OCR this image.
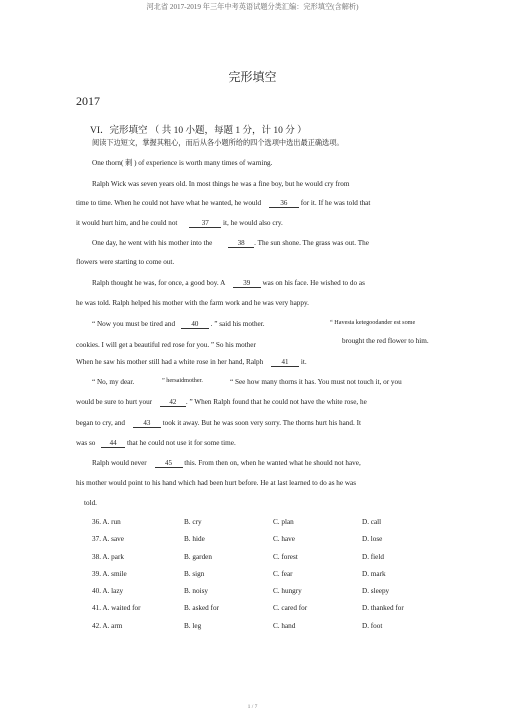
河北省 2017-2019 年三年中考英语试题分类汇编：完形填空(含解析)
完形填空
2017
VI．完形填空 （ 共 10 小题，每题 1 分，计 10 分 ）
阅读下边短文，掌握其粗心，而后从各小题所给的四个选项中选出最正确选项。
One thorn( 刺 ) of experience is worth many times of warning.
Ralph Wick was seven years old. In most things he was a fine boy, but he would cry from
time to time. When he could not have what he wanted, he would	36 for it. If he was told that
it would hurt him, and he could not	37 it, he would also cry.
One day, he went with his mother into the	38 . The sun shone. The grass was out. The
flowers were starting to come out.
Ralph thought he was, for once, a good boy. A	39 was on his face. He wished to do as
he was told. Ralph helped his mother with the farm work and he was very happy.
“ Now you must be tired and 40 . ” said his mother.	“ Havesta ketegoodander est some
cookies. I will get a beautiful red rose for you. ” So his mother	brought the red flower to him.
When he saw his mother still had a white rose in her hand, Ralph	41 it.
“ No, my dear.	” hersaidmother.	“ See how many thorns it has. You must not touch it, or you
would be sure to hurt your 42 . ” When Ralph found that he could not have the white rose, he
began to cry, and	43 took it away. But he was soon very sorry. The thorns hurt his hand. It
was so 44 that he could not use it for some time.
Ralph would never	45 this. From then on, when he wanted what he should not have,
his mother would point to his hand which had been hurt before. He at last learned to do as he was
told.
36. A. run	B. cry	C. plan	D. call
37. A. save	B. hide	C. have	D. lose
38. A. park	B. garden	C. forest	D. field
39. A. smile	B. sign	C. fear	D. mark
40. A. lazy	B. noisy	C. hungry	D. sleepy
41. A. waited for	B. asked for	C. cared for	D. thanked for
42. A. arm	B. leg	C. hand	D. foot
1 / 7
